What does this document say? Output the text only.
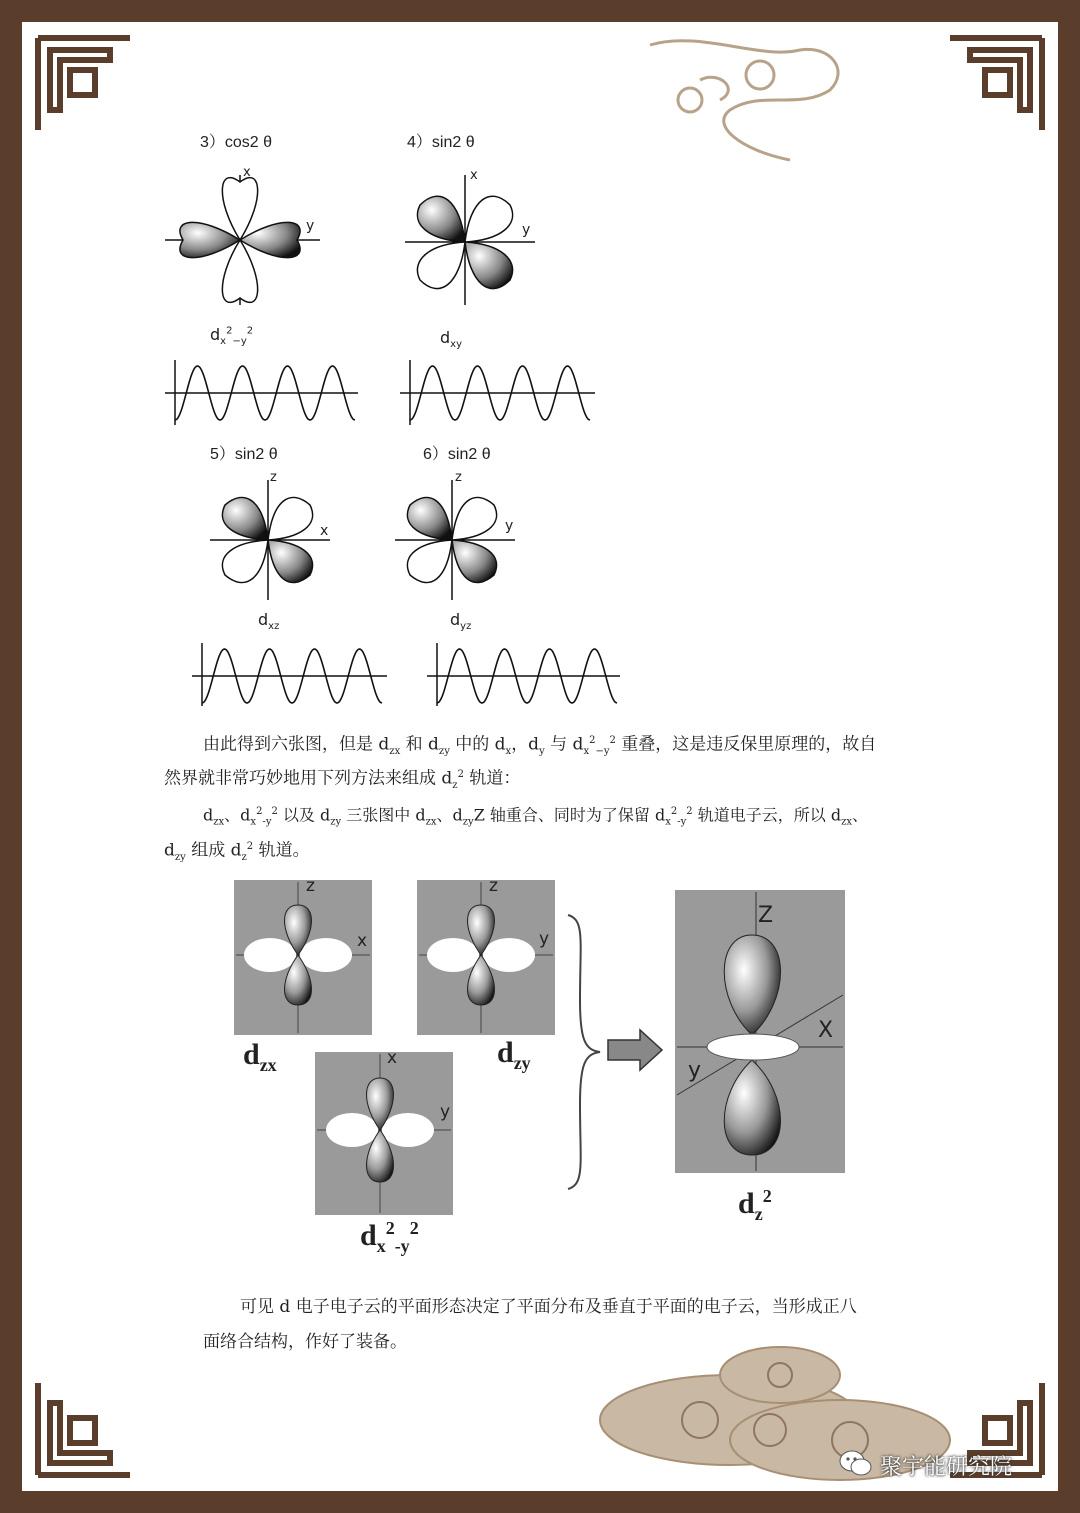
3）cos2 θ	4）sin2 θ
5）sin2 θ	6）sin2 θ
x
y
x
y
z
x
z
y
$d_x^2_{-y}^2$	$d_{xy}$
$d_{xz}$	$d_{yz}$
由此得到六张图，但是 $d_{zx}$ 和 $d_{zy}$ 中的 $d_x$，$d_y$ 与 $d_x^2_{-y}^2$ 重叠，这是违反保里原理的，故自
然界就非常巧妙地用下列方法来组成 $d_z^2$ 轨道：
$d_{zx}$、$d_x^2_{-y}^2$ 以及 $d_{zy}$ 三张图中 $d_{zx}$、$d_{zy}Z$ 轴重合、同时为了保留 $d_x^2_{-y}^2$ 轨道电子云，所以 $d_{zx}$、
$d_{zy}$ 组成 $d_z^2$ 轨道。
z
x
z
y
x
y
Z
X
y
$d_{zx}$	$d_{zy}$
$d_x^2_{-y}^2$
$d_z^2$
可见 d 电子电子云的平面形态决定了平面分布及垂直于平面的电子云，当形成正八
面络合结构，作好了装备。
聚宇能研究院
